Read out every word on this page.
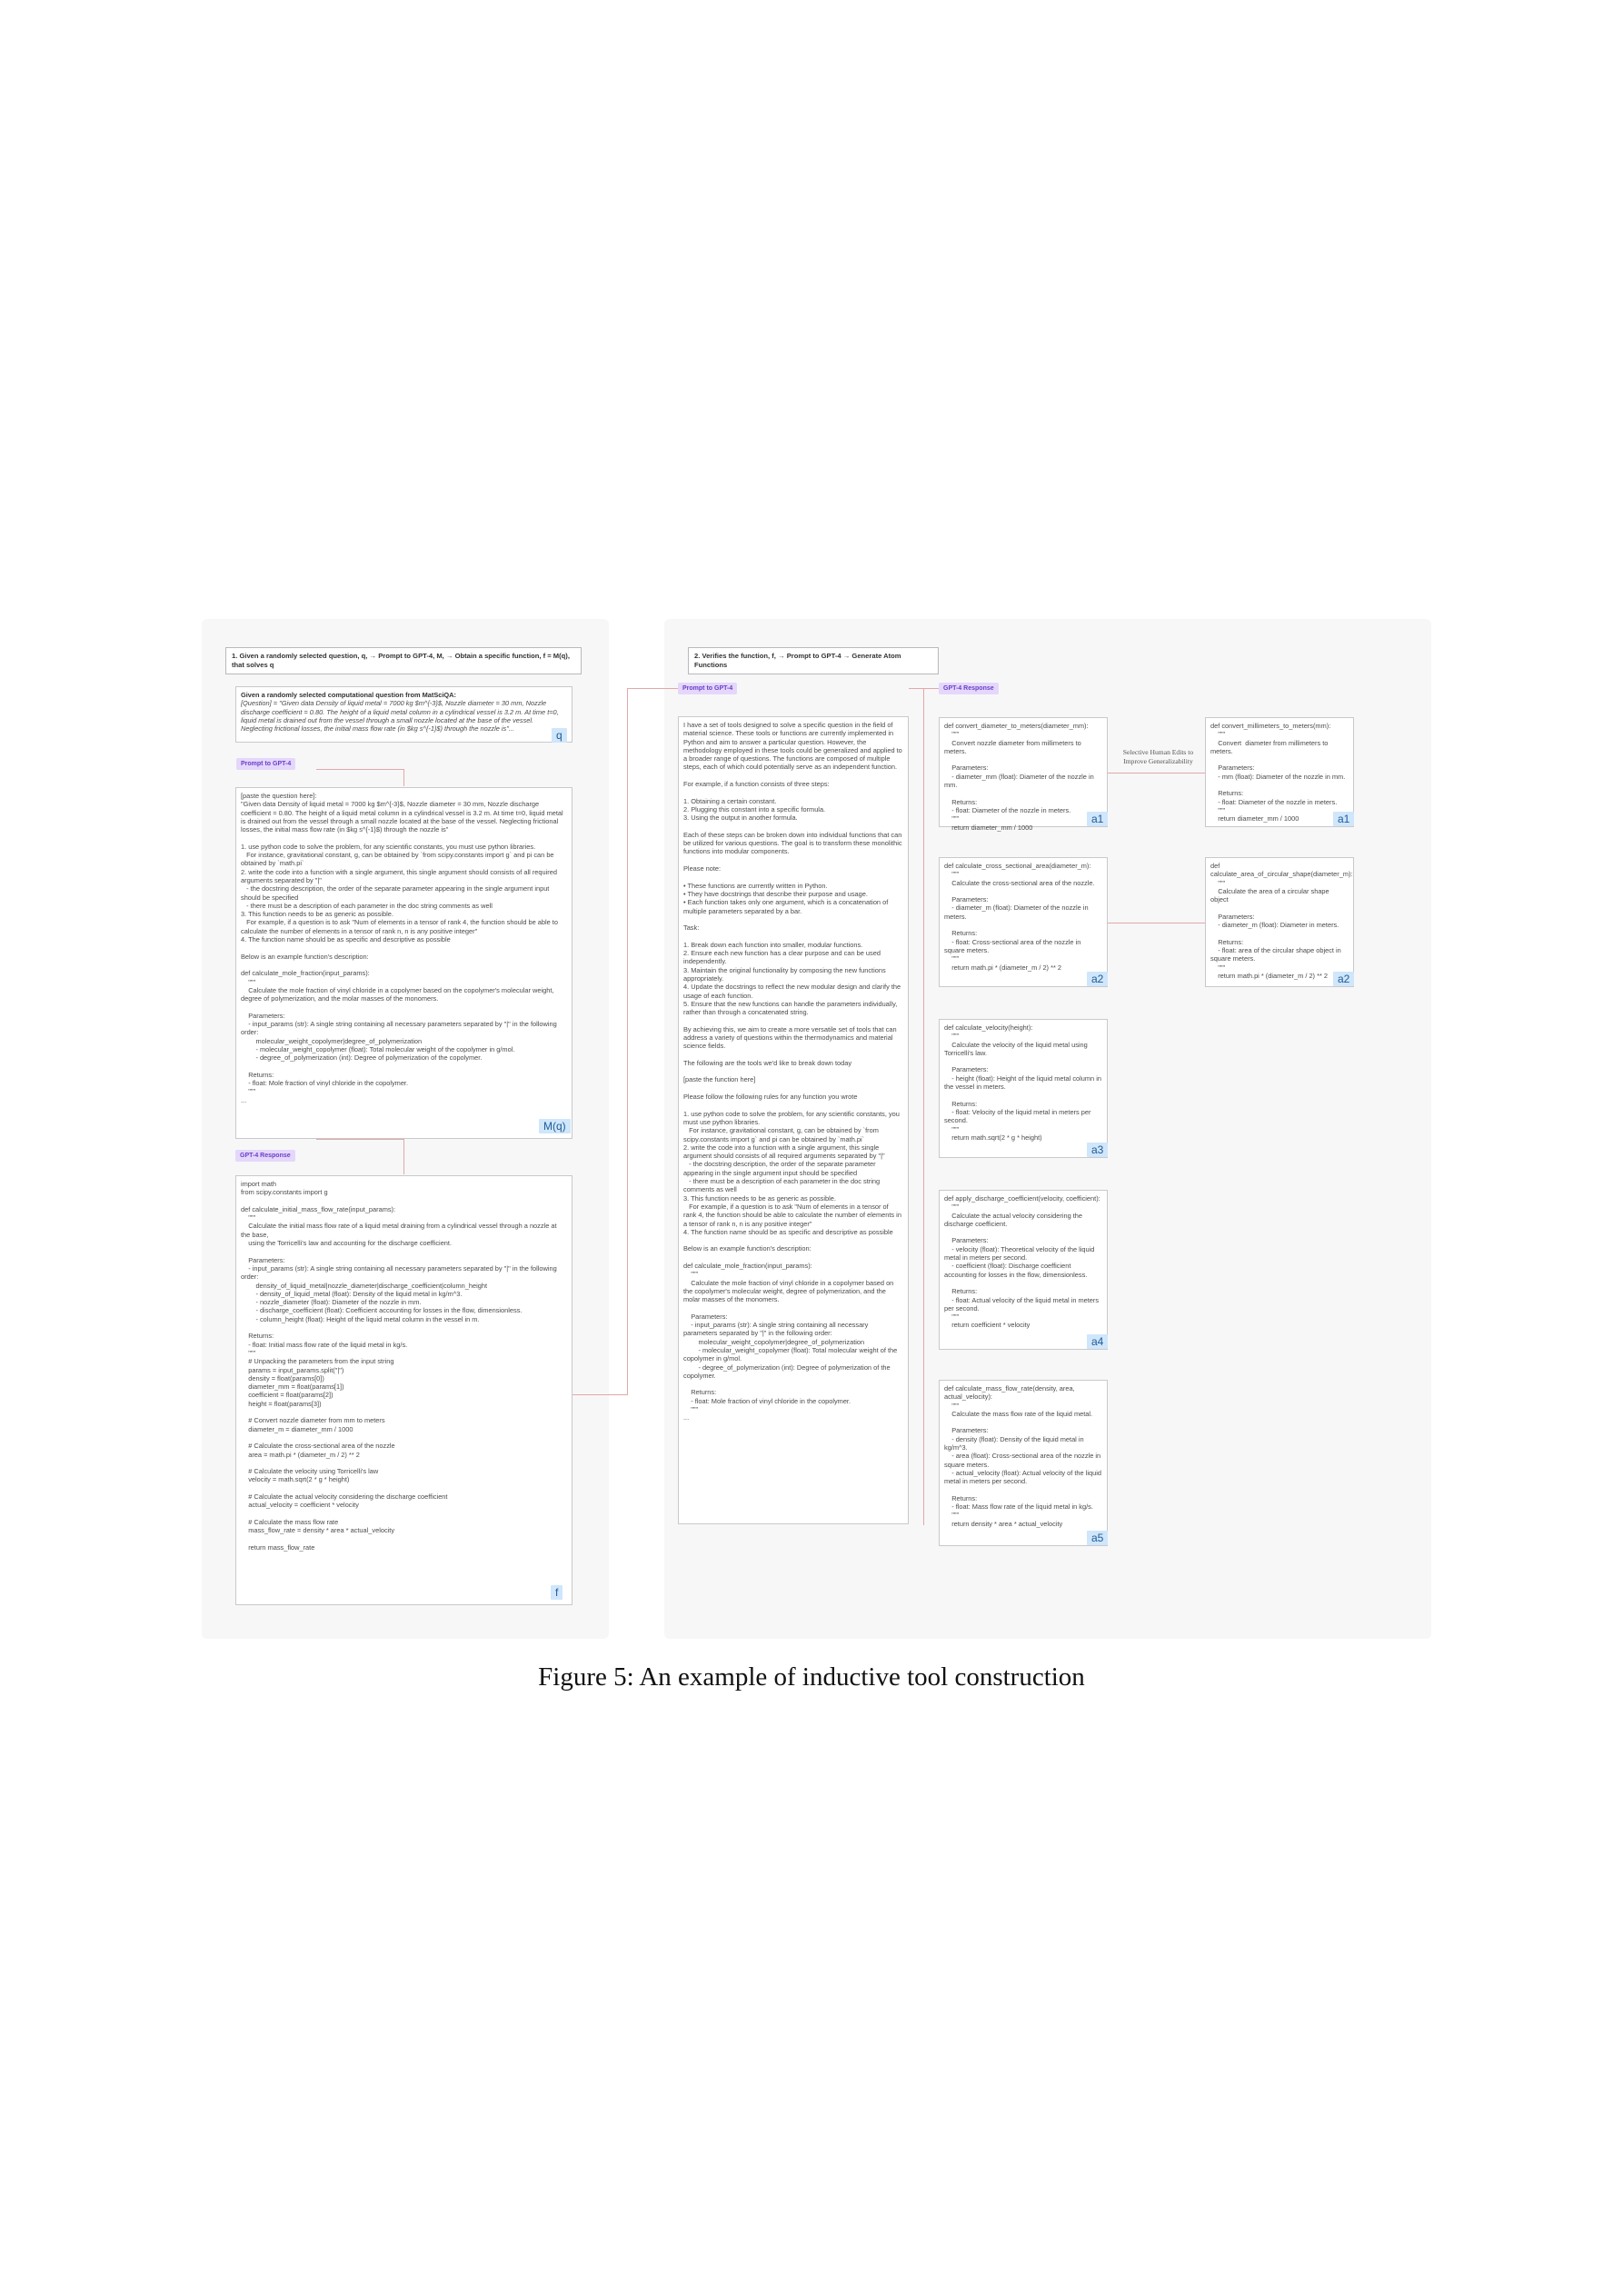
1. Given a randomly selected question, q, → Prompt to GPT-4, M, → Obtain a specific function, f = M(q), that solves q
2. Verifies the function, f, → Prompt to GPT-4 → Generate Atom Functions
Given a randomly selected computational question from MatSciQA:
[Question] = "Given data Density of liquid metal = 7000 kg $m^{-3}$, Nozzle diameter = 30 mm, Nozzle discharge coefficient = 0.80. The height of a liquid metal column in a cylindrical vessel is 3.2 m. At time t=0, liquid metal is drained out from the vessel through a small nozzle located at the base of the vessel. Neglecting frictional losses, the initial mass flow rate (in $kg s^{-1}$) through the nozzle is"...
q
Prompt to GPT-4
[paste the question here]:
"Given data Density of liquid metal = 7000 kg $m^{-3}$, Nozzle diameter = 30 mm, Nozzle discharge coefficient = 0.80. The height of a liquid metal column in a cylindrical vessel is 3.2 m. At time t=0, liquid metal is drained out from the vessel through a small nozzle located at the base of the vessel. Neglecting frictional losses, the initial mass flow rate (in $kg s^{-1}$) through the nozzle is"

1. use python code to solve the problem, for any scientific constants, you must use python libraries.
For instance, gravitational constant, g, can be obtained by `from scipy.constants import g` and pi can be obtained by `math.pi`
2. write the code into a function with a single argument, this single argument should consists of all required arguments separated by "|"
- the docstring description, the order of the separate parameter appearing in the single argument input should be specified
- there must be a description of each parameter in the doc string comments as well
3. This function needs to be as generic as possible.
For example, if a question is to ask "Num of elements in a tensor of rank 4, the function should be able to calculate the number of elements in a tensor of rank n, n is any positive integer"
4. The function name should be as specific and descriptive as possible

Below is an example function's description:

def calculate_mole_fraction(input_params):
"""
Calculate the mole fraction of vinyl chloride in a copolymer based on the copolymer's molecular weight, degree of polymerization, and the molar masses of the monomers.

Parameters:
- input_params (str): A single string containing all necessary parameters separated by "|" in the following order:
molecular_weight_copolymer|degree_of_polymerization
- molecular_weight_copolymer (float): Total molecular weight of the copolymer in g/mol.
- degree_of_polymerization (int): Degree of polymerization of the copolymer.

Returns:
- float: Mole fraction of vinyl chloride in the copolymer.
"""
...
M(q)
GPT-4 Response
import math
from scipy.constants import g

def calculate_initial_mass_flow_rate(input_params):
"""
Calculate the initial mass flow rate of a liquid metal draining from a cylindrical vessel through a nozzle at the base,
using the Torricelli's law and accounting for the discharge coefficient.

Parameters:
- input_params (str): A single string containing all necessary parameters separated by "|" in the following order:
density_of_liquid_metal|nozzle_diameter|discharge_coefficient|column_height
- density_of_liquid_metal (float): Density of the liquid metal in kg/m^3.
- nozzle_diameter (float): Diameter of the nozzle in mm.
- discharge_coefficient (float): Coefficient accounting for losses in the flow, dimensionless.
- column_height (float): Height of the liquid metal column in the vessel in m.

Returns:
- float: Initial mass flow rate of the liquid metal in kg/s.
"""
# Unpacking the parameters from the input string
params = input_params.split("|")
density = float(params[0])
diameter_mm = float(params[1])
coefficient = float(params[2])
height = float(params[3])

# Convert nozzle diameter from mm to meters
diameter_m = diameter_mm / 1000

# Calculate the cross-sectional area of the nozzle
area = math.pi * (diameter_m / 2) ** 2

# Calculate the velocity using Torricelli's law
velocity = math.sqrt(2 * g * height)

# Calculate the actual velocity considering the discharge coefficient
actual_velocity = coefficient * velocity

# Calculate the mass flow rate
mass_flow_rate = density * area * actual_velocity

return mass_flow_rate
f
Prompt to GPT-4
I have a set of tools designed to solve a specific question in the field of material science. These tools or functions are currently implemented in Python and aim to answer a particular question. However, the methodology employed in these tools could be generalized and applied to a broader range of questions. The functions are composed of multiple steps, each of which could potentially serve as an independent function.

For example, if a function consists of three steps:

1. Obtaining a certain constant.
2. Plugging this constant into a specific formula.
3. Using the output in another formula.

Each of these steps can be broken down into individual functions that can be utilized for various questions. The goal is to transform these monolithic functions into modular components.

Please note:

• These functions are currently written in Python.
• They have docstrings that describe their purpose and usage.
• Each function takes only one argument, which is a concatenation of multiple parameters separated by a bar.

Task:

1. Break down each function into smaller, modular functions.
2. Ensure each new function has a clear purpose and can be used independently.
3. Maintain the original functionality by composing the new functions appropriately.
4. Update the docstrings to reflect the new modular design and clarify the usage of each function.
5. Ensure that the new functions can handle the parameters individually, rather than through a concatenated string.

By achieving this, we aim to create a more versatile set of tools that can address a variety of questions within the thermodynamics and material science fields.

The following are the tools we'd like to break down today

[paste the function here]

Please follow the following rules for any function you wrote

1. use python code to solve the problem, for any scientific constants, you must use python libraries.
For instance, gravitational constant, g, can be obtained by `from scipy.constants import g` and pi can be obtained by `math.pi`
2. write the code into a function with a single argument, this single argument should consists of all required arguments separated by "|"
- the docstring description, the order of the separate parameter appearing in the single argument input should be specified
- there must be a description of each parameter in the doc string comments as well
3. This function needs to be as generic as possible.
For example, if a question is to ask "Num of elements in a tensor of rank 4, the function should be able to calculate the number of elements in a tensor of rank n, n is any positive integer"
4. The function name should be as specific and descriptive as possible

Below is an example function's description:

def calculate_mole_fraction(input_params):
"""
Calculate the mole fraction of vinyl chloride in a copolymer based on the copolymer's molecular weight, degree of polymerization, and the molar masses of the monomers.

Parameters:
- input_params (str): A single string containing all necessary parameters separated by "|" in the following order:
molecular_weight_copolymer|degree_of_polymerization
- molecular_weight_copolymer (float): Total molecular weight of the copolymer in g/mol.
- degree_of_polymerization (int): Degree of polymerization of the copolymer.

Returns:
- float: Mole fraction of vinyl chloride in the copolymer.
"""
...
GPT-4 Response
def convert_diameter_to_meters(diameter_mm):
"""
Convert nozzle diameter from millimeters to meters.

Parameters:
- diameter_mm (float): Diameter of the nozzle in mm.

Returns:
- float: Diameter of the nozzle in meters.
"""
return diameter_mm / 1000
a1
def calculate_cross_sectional_area(diameter_m):
"""
Calculate the cross-sectional area of the nozzle.

Parameters:
- diameter_m (float): Diameter of the nozzle in meters.

Returns:
- float: Cross-sectional area of the nozzle in square meters.
"""
return math.pi * (diameter_m / 2) ** 2
a2
def calculate_velocity(height):
"""
Calculate the velocity of the liquid metal using Torricelli's law.

Parameters:
- height (float): Height of the liquid metal column in the vessel in meters.

Returns:
- float: Velocity of the liquid metal in meters per second.
"""
return math.sqrt(2 * g * height)
a3
def apply_discharge_coefficient(velocity, coefficient):
"""
Calculate the actual velocity considering the discharge coefficient.

Parameters:
- velocity (float): Theoretical velocity of the liquid metal in meters per second.
- coefficient (float): Discharge coefficient accounting for losses in the flow, dimensionless.

Returns:
- float: Actual velocity of the liquid metal in meters per second.
"""
return coefficient * velocity
a4
def calculate_mass_flow_rate(density, area, actual_velocity):
"""
Calculate the mass flow rate of the liquid metal.

Parameters:
- density (float): Density of the liquid metal in kg/m^3.
- area (float): Cross-sectional area of the nozzle in square meters.
- actual_velocity (float): Actual velocity of the liquid metal in meters per second.

Returns:
- float: Mass flow rate of the liquid metal in kg/s.
"""
return density * area * actual_velocity
a5
def convert_millimeters_to_meters(mm):
"""
Convert  diameter from millimeters to meters.

Parameters:
- mm (float): Diameter of the nozzle in mm.

Returns:
- float: Diameter of the nozzle in meters.
"""
return diameter_mm / 1000	a1
def
calculate_area_of_circular_shape(diameter_m):
"""
Calculate the area of a circular shape object

Parameters:
- diameter_m (float): Diameter in meters.

Returns:
- float: area of the circular shape object in square meters.
"""
return math.pi * (diameter_m / 2) ** 2 a2
Selective Human Edits to
Improve Generalizability
Figure 5: An example of inductive tool construction
